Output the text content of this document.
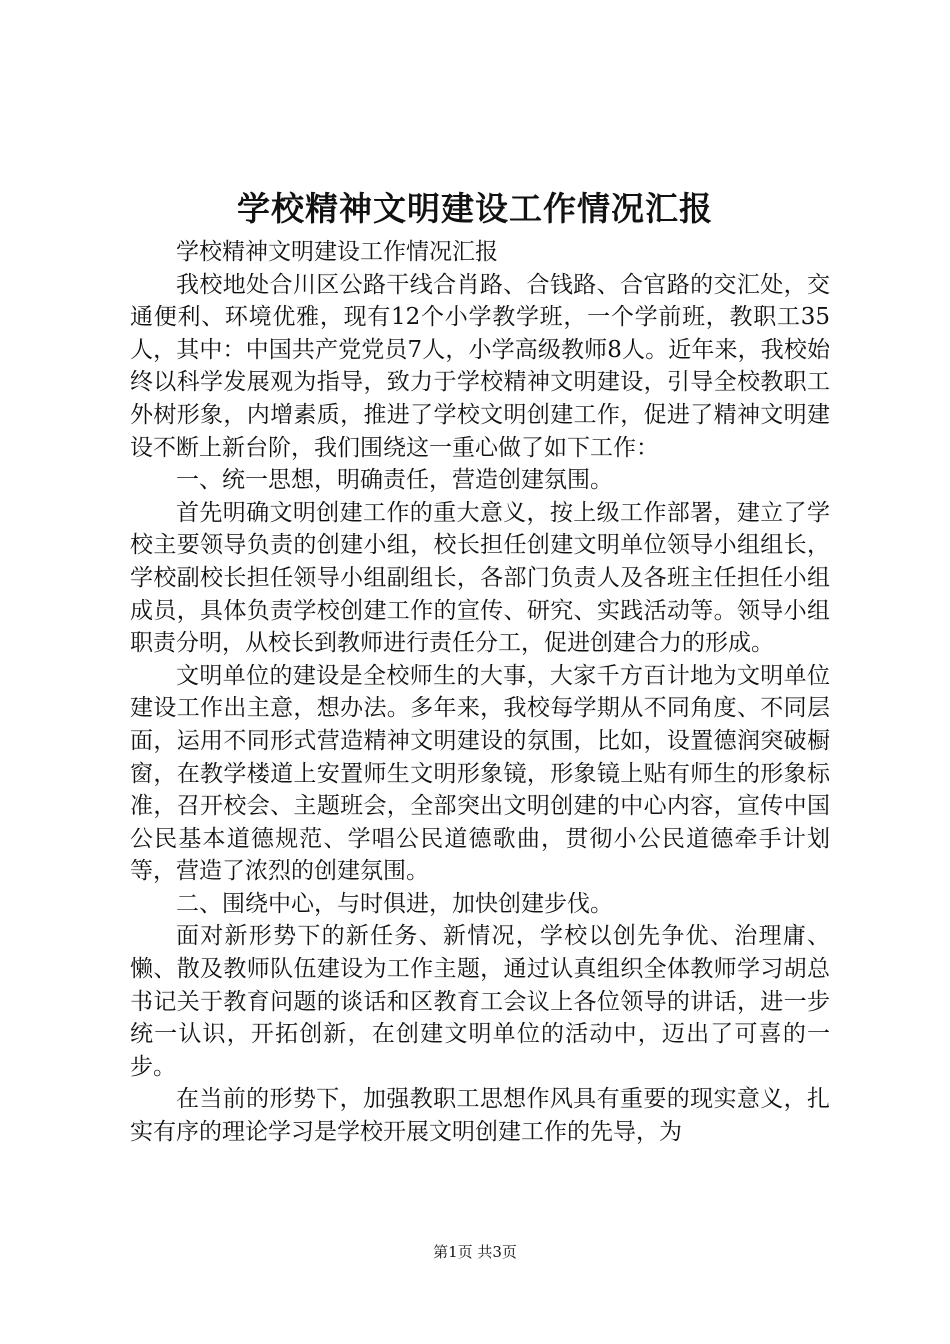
学校精神文明建设工作情况汇报

学校精神文明建设工作情况汇报

我校地处合川区公路干线合肖路、合钱路、合官路的交汇处，交通便利、环境优雅，现有12个小学教学班，一个学前班，教职工35人，其中：中国共产党党员7人，小学高级教师8人。近年来，我校始终以科学发展观为指导，致力于学校精神文明建设，引导全校教职工外树形象，内增素质，推进了学校文明创建工作，促进了精神文明建设不断上新台阶，我们围绕这一重心做了如下工作：

一、统一思想，明确责任，营造创建氛围。

首先明确文明创建工作的重大意义，按上级工作部署，建立了学校主要领导负责的创建小组，校长担任创建文明单位领导小组组长，学校副校长担任领导小组副组长，各部门负责人及各班主任担任小组成员，具体负责学校创建工作的宣传、研究、实践活动等。领导小组职责分明，从校长到教师进行责任分工，促进创建合力的形成。

文明单位的建设是全校师生的大事，大家千方百计地为文明单位建设工作出主意，想办法。多年来，我校每学期从不同角度、不同层面，运用不同形式营造精神文明建设的氛围，比如，设置德润突破橱窗，在教学楼道上安置师生文明形象镜，形象镜上贴有师生的形象标准，召开校会、主题班会，全部突出文明创建的中心内容，宣传中国公民基本道德规范、学唱公民道德歌曲，贯彻小公民道德牵手计划等，营造了浓烈的创建氛围。

二、围绕中心，与时俱进，加快创建步伐。

面对新形势下的新任务、新情况，学校以创先争优、治理庸、懒、散及教师队伍建设为工作主题，通过认真组织全体教师学习胡总书记关于教育问题的谈话和区教育工会议上各位领导的讲话，进一步统一认识，开拓创新，在创建文明单位的活动中，迈出了可喜的一步。

在当前的形势下，加强教职工思想作风具有重要的现实意义，扎实有序的理论学习是学校开展文明创建工作的先导，为

第1页 共3页
